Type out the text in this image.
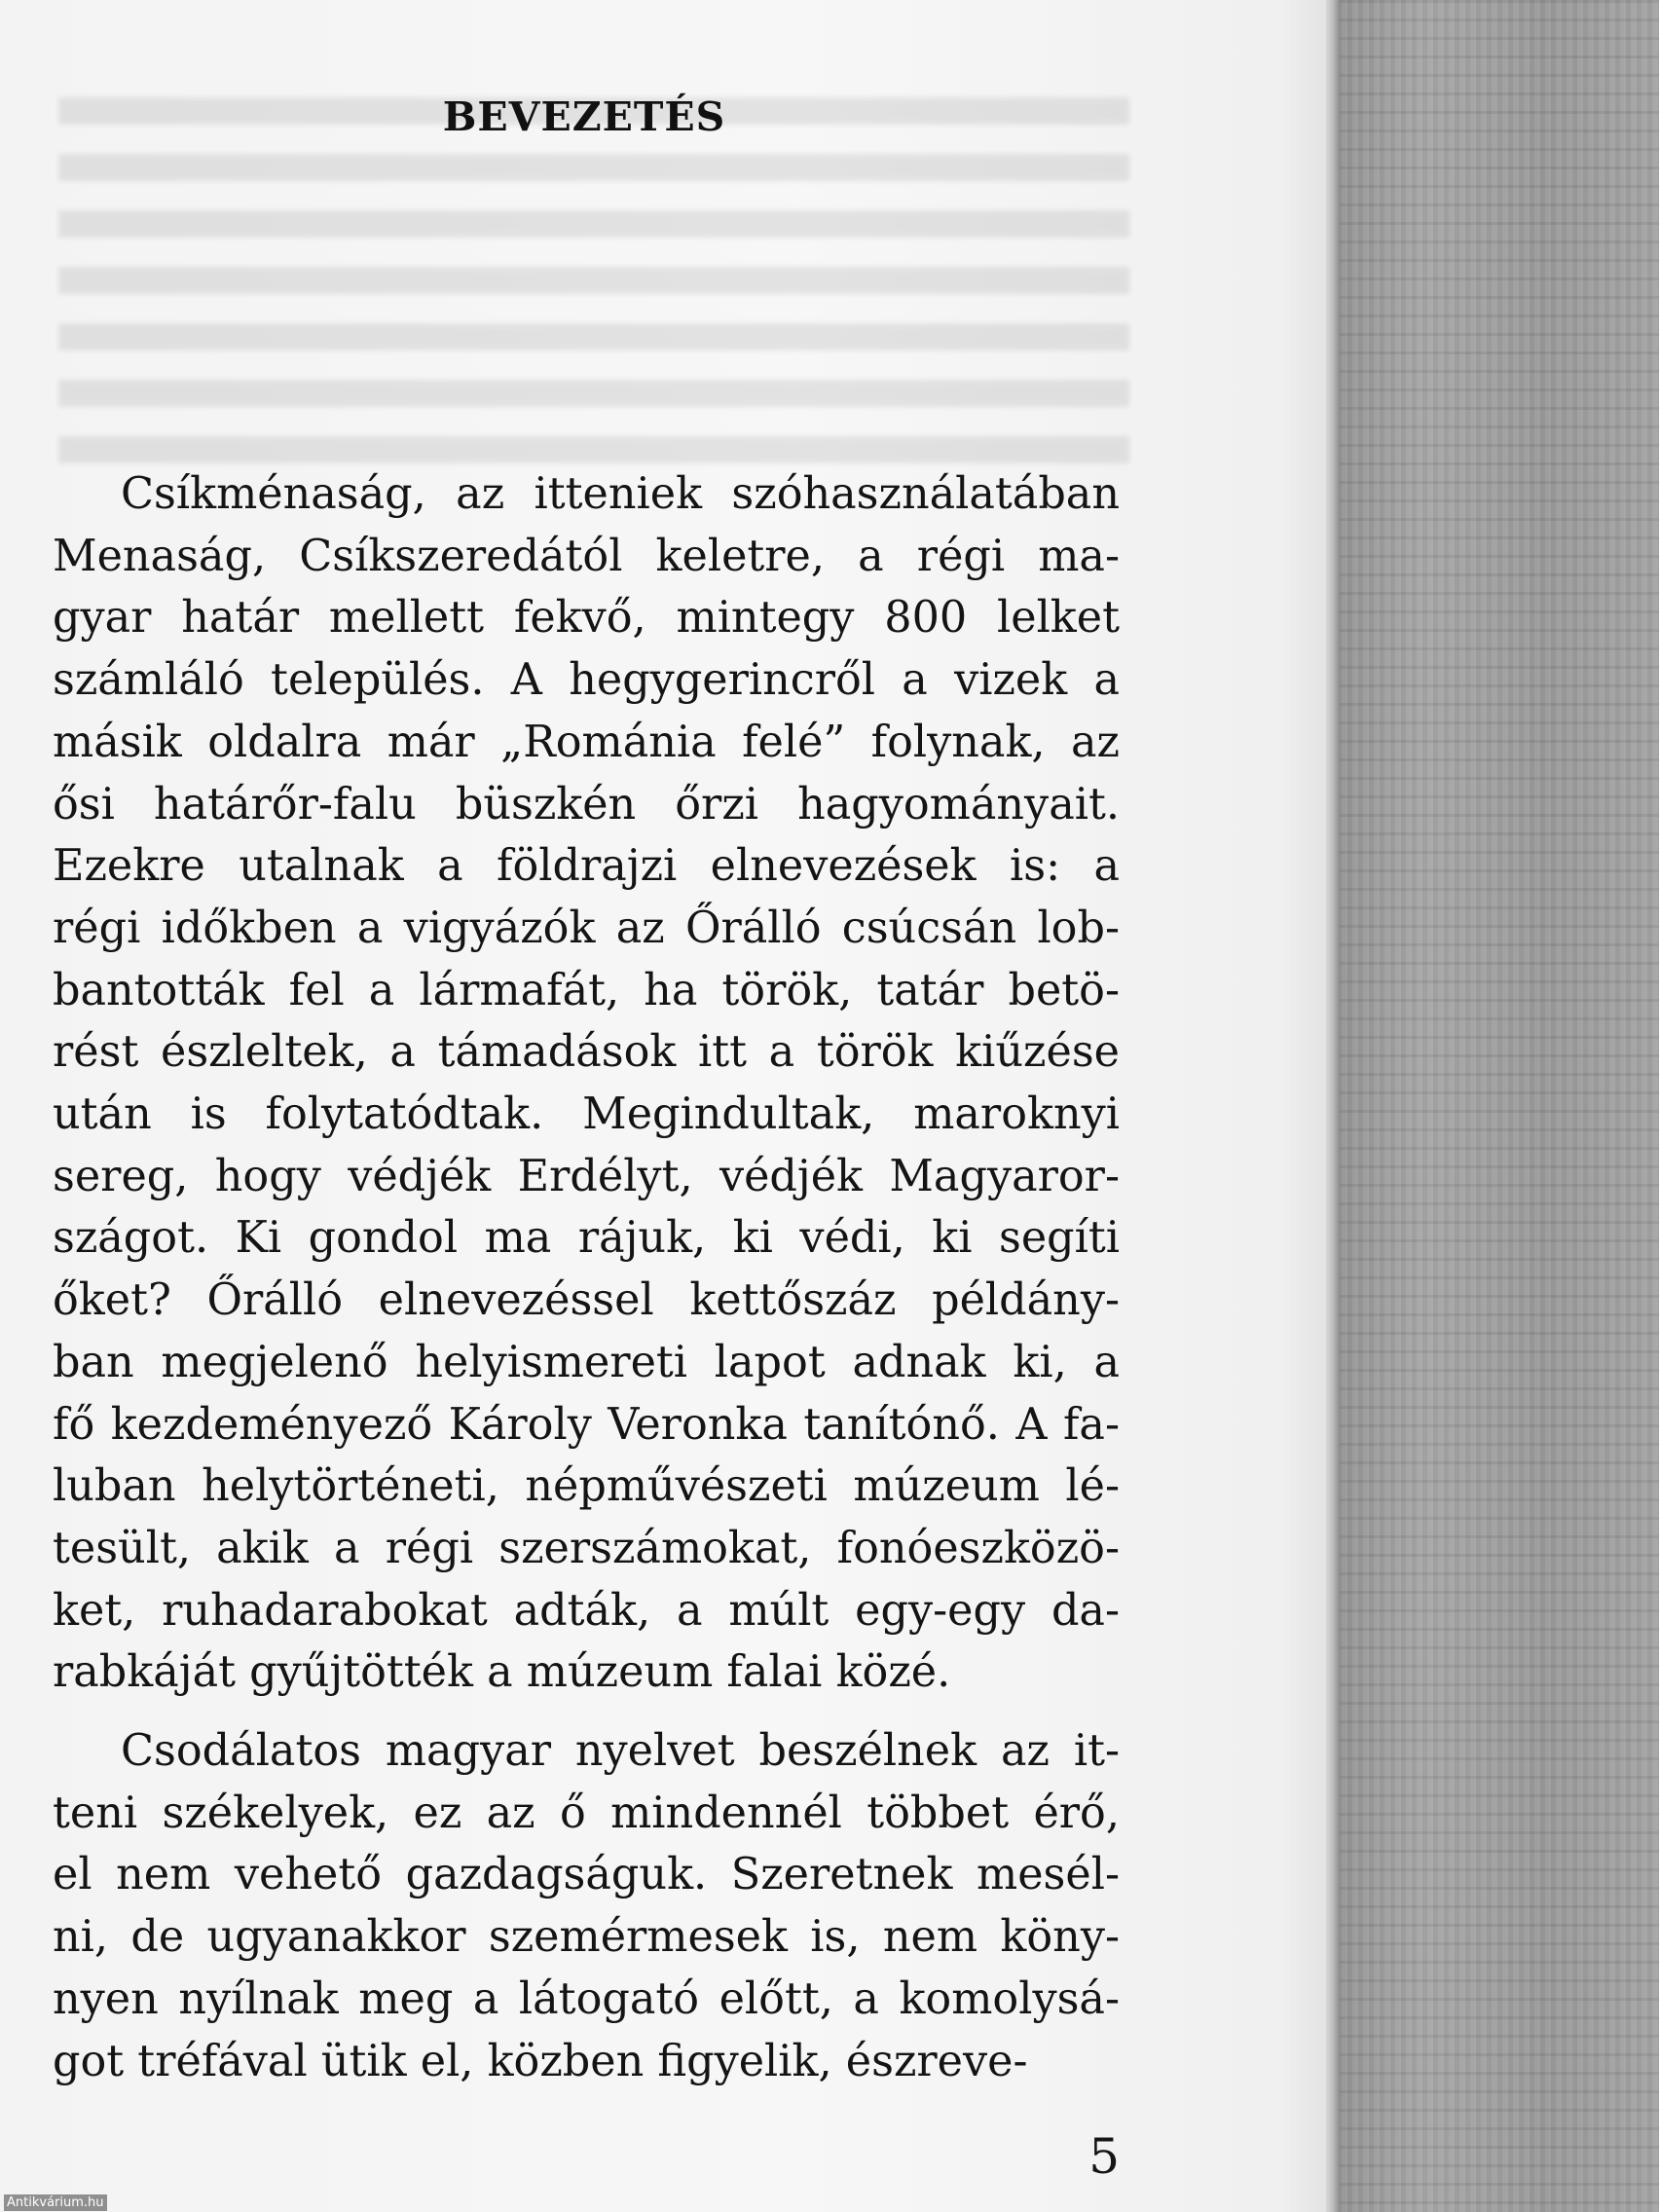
BEVEZETÉS

Csíkménaság, az itteniek szóhasználatában
Menaság, Csíkszeredától keletre, a régi ma-
gyar határ mellett fekvő, mintegy 800 lelket
számláló település. A hegygerincről a vizek a
másik oldalra már „Románia felé” folynak, az
ősi határőr-falu büszkén őrzi hagyományait.
Ezekre utalnak a földrajzi elnevezések is: a
régi időkben a vigyázók az Őrálló csúcsán lob-
bantották fel a lármafát, ha török, tatár betö-
rést észleltek, a támadások itt a török kiűzése
után is folytatódtak. Megindultak, maroknyi
sereg, hogy védjék Erdélyt, védjék Magyaror-
szágot. Ki gondol ma rájuk, ki védi, ki segíti
őket? Őrálló elnevezéssel kettőszáz példány-
ban megjelenő helyismereti lapot adnak ki, a
fő kezdeményező Károly Veronka tanítónő. A fa-
luban helytörténeti, népművészeti múzeum lé-
tesült, akik a régi szerszámokat, fonóeszközö-
ket, ruhadarabokat adták, a múlt egy-egy da-
rabkáját gyűjtötték a múzeum falai közé.

Csodálatos magyar nyelvet beszélnek az it-
teni székelyek, ez az ő mindennél többet érő,
el nem vehető gazdagságuk. Szeretnek mesél-
ni, de ugyanakkor szemérmesek is, nem köny-
nyen nyílnak meg a látogató előtt, a komolysá-
got tréfával ütik el, közben figyelik, észreve-

5

Antikvárium.hu
